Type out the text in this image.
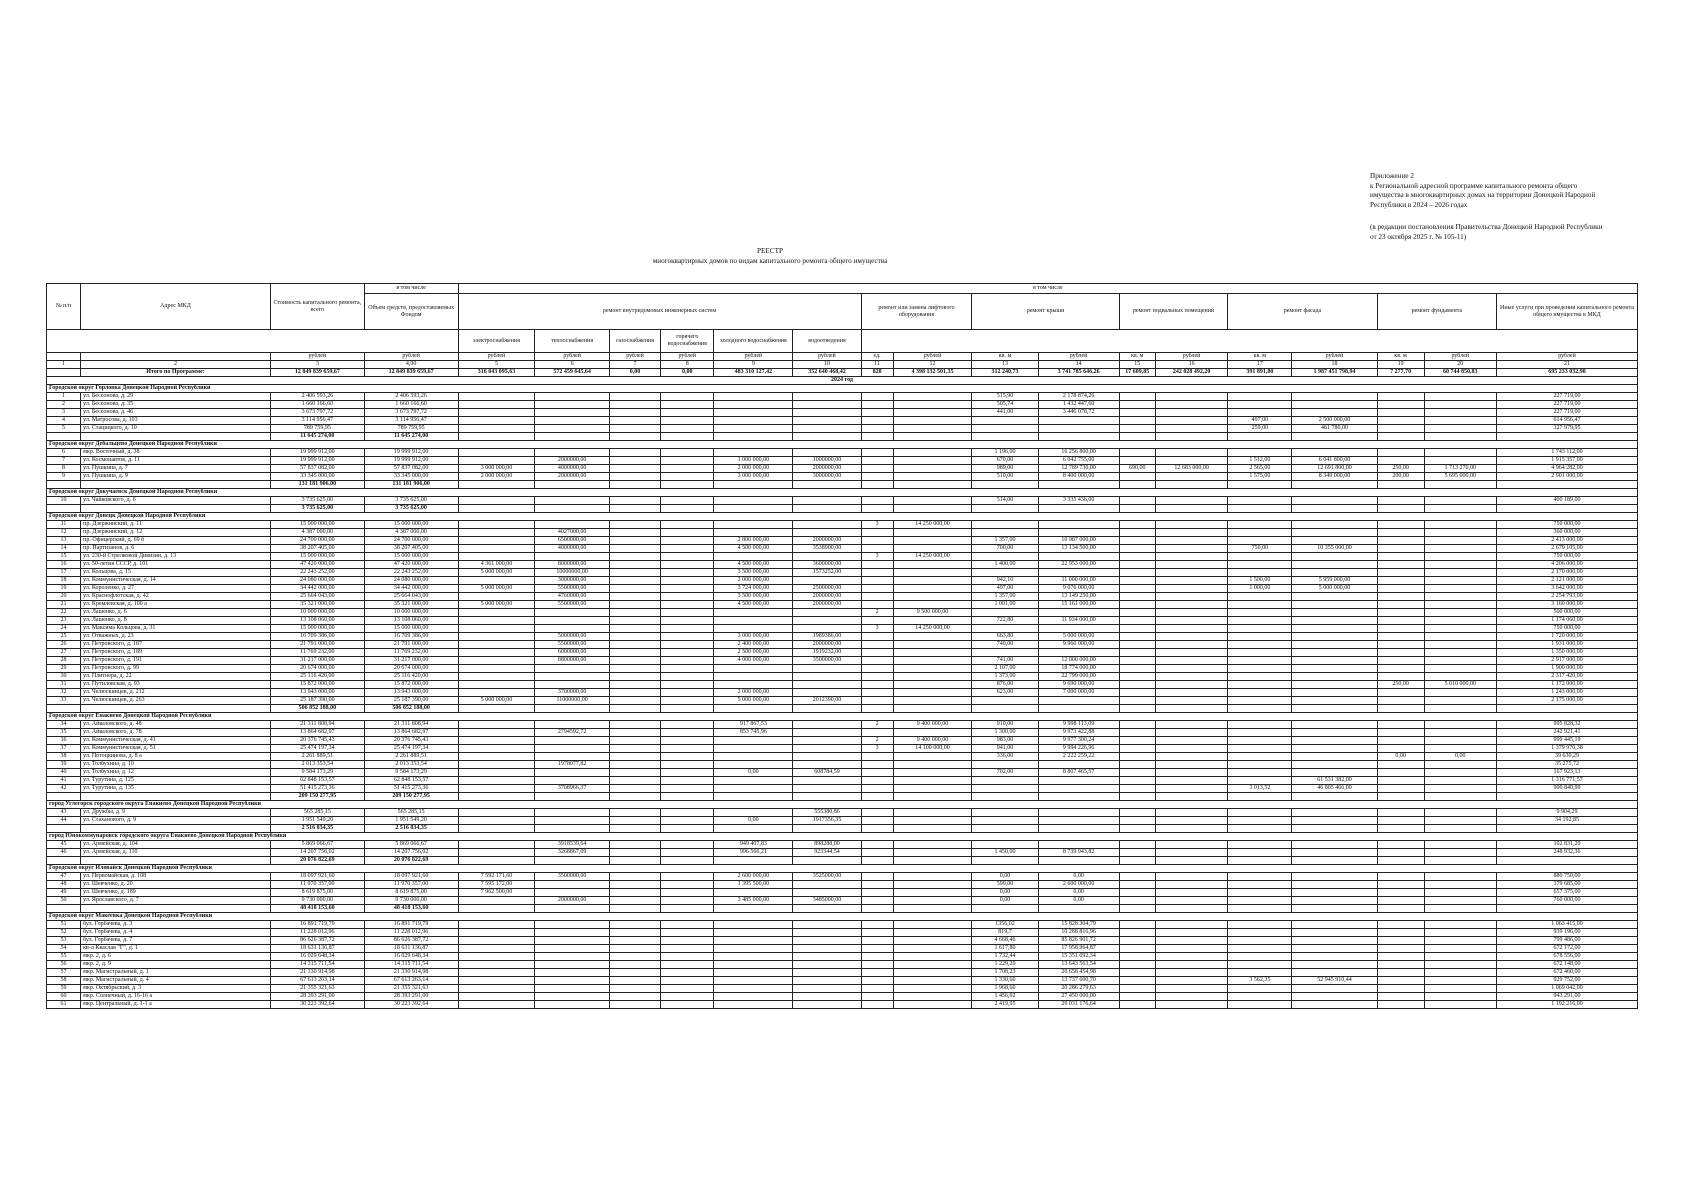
Приложение 2

к Региональной адресной программе капитального ремонта общего

имущества в многоквартирных домах на территории Донецкой Народной

Республики в 2024 – 2026 годах

(в редакции постановления Правительства Донецкой Народной Республики

от 23 октября 2025 г. № 105-11)

РЕЕСТР
многоквартирных домов по видам капитального ремонта общего имущества
№ п/п	Адрес МКД	Стоимость капитального ремонта, всего	в том числе	в том числе																
			Объем средств, предоставляемых Фондом	ремонт внутридомовых инженерных систем						ремонт или замена лифтового оборудования		ремонт крыши		ремонт подвальных помещений		ремонт фасада		ремонт фундамента		Иные услуги при проведении капитального ремонта общего имущества в МКД
				электроснабжения	теплоснабжения	газоснабжения	горячего водоснабжения	холодного водоснабжения	водоотведения											
		рублей	рублей	рублей	рублей	рублей	рублей	рублей	рублей	ед.	рублей	кв. м	рублей	кв. м	рублей	кв. м	рублей	кв. м	рублей	рублей
1	2	3	4,00	5	6	7	8	9	10	11	12	13	14	15	16	17	18	19	20	21
	Итого по Программе:	12 849 839 659,67	12 849 839 659,67	316 043 095,63	572 459 645,64	0,00	0,00	483 310 127,42	352 640 468,42	828	4 398 132 501,35	312 240,73	3 741 785 646,26	17 609,85	242 028 492,20	391 891,80	1 987 451 798,94	7 277,70	60 744 850,83	695 233 032,98
2024 год																				
Городской округ Горловка Донецкой Народной Республики																				
1	ул. Бессонова, д. 29	2 406 593,26	2 406 593,26									515,90	2 178 874,26							227 719,00
2	ул. Бессонова, д. 35	1 660 166,60	1 660 166,60									505,74	1 432 447,60							227 719,00
3	ул. Бессонова, д. 46	3 673 797,72	3 673 797,72									441,00	3 446 078,72							227 719,00
4	ул. Матросова, д. 103	3 114 956,47	3 114 956,47													497,00	2 500 000,00			614 956,47
5	ул. Стацицкого, д. 10	789 759,95	789 759,95													259,00	461 780,00			327 979,95
		11 645 274,00	11 645 274,00																	
Городской округ Дебальцево Донецкой Народной Республики																				
6	мкр. Восточный, д. 38	19 999 912,00	19 999 912,00									1 196,00	16 256 800,00							1 743 112,00
7	ул. Космонавтов, д. 11	19 999 912,00	19 999 912,00		2000000,00			1 000 000,00	1000000,00			670,00	6 042 755,00			1 512,00	6 041 800,00			1 915 357,00
8	ул. Пушкина, д. 7	57 837 082,00	57 837 082,00	3 000 000,00	4000000,00			2 000 000,00	2000000,00			989,00	12 789 730,00	690,00	12 683 000,00	2 565,00	12 691 800,00	250,00	1 713 270,00	4 964 282,00
9	ул. Пушкина, д. 9	33 345 000,00	33 345 000,00	2 000 000,00	2000000,00			3 000 000,00	3000000,00			510,00	8 400 000,00			1 575,00	8 349 000,00	200,00	5 695 000,00	2 901 000,00
		131 181 906,00	131 181 906,00																	
Городской округ Докучаевск Донецкой Народной Республики																				
10	ул. Чайковского, д. 6	3 735 625,00	3 735 625,00									514,00	3 335 436,00							400 189,00
		3 735 625,00	3 735 625,00																	
Городской округ Донецк Донецкой Народной Республики																				
11	пр. Дзержинский, д. 11	15 000 000,00	15 000 000,00							3	14 250 000,00									750 000,00
12	пр. Дзержинский, д. 12	4 387 000,00	4 387 000,00		4027000,00															360 000,00
13	пр. Офицерский, д. 69 б	24 700 000,00	24 700 000,00		6500000,00			2 800 000,00	2000000,00			1 357,00	10 987 000,00							2 413 000,00
14	пр. Партизанов, д. 6	38 207 405,00	38 207 405,00		4000000,00			4 500 000,00	3538900,00			700,00	13 134 500,00			750,00	10 355 000,00			2 679 105,00
15	ул. 230-й Стрелковой Дивизии, д. 13	15 000 000,00	15 000 000,00							3	14 250 000,00									750 000,00
16	ул. 50-летия СССР, д. 101	47 420 000,00	47 420 000,00	4 361 000,00	8000000,00			4 500 000,00	3600000,00			1 400,00	22 953 000,00							4 206 000,00
17	ул. Кольцова, д. 15	22 243 252,00	22 243 252,00	5 000 000,00	10000000,00			3 500 000,00	1573252,00											2 170 000,00
18	ул. Коммунистическая, д. 14	24 080 000,00	24 080 000,00		3000000,00			2 000 000,00				942,10	11 000 000,00			1 500,00	5 959 000,00			2 121 000,00
19	ул. Короленко, д. 27	34 442 000,00	34 442 000,00	5 000 000,00	5500000,00			3 724 000,00	2500000,00			497,00	9 076 000,00			1 000,00	5 000 000,00			3 642 000,00
20	ул. Краснофлотская, д. 42	25 664 043,00	25 664 043,00		4760000,00			3 500 000,00	2000000,00			1 357,00	13 149 250,00							2 254 793,00
21	ул. Кремлевская, д. 100 а	35 321 000,00	35 321 000,00	5 000 000,00	5500000,00			4 500 000,00	2000000,00			1 001,00	15 161 000,00							3 160 000,00
22	ул. Лашенко, д. 6	10 000 000,00	10 000 000,00							2	9 500 000,00									500 000,00
23	ул. Лашенко, д. 8	13 108 060,00	13 108 060,00									722,80	11 934 000,00							1 174 060,00
24	ул. Максима Кольцова, д. 31	15 000 000,00	15 000 000,00							3	14 250 000,00									750 000,00
25	ул. Отважных, д. 23	16 709 386,00	16 709 386,00		5000000,00			3 000 000,00	1989386,00			663,80	5 000 000,00							1 720 000,00
26	ул. Петровского, д. 187	21 791 000,00	21 791 000,00		5500000,00			2 400 000,00	2000000,00			740,00	9 960 000,00							1 931 000,00
27	ул. Петровского, д. 189	11 769 232,00	11 769 232,00		6000000,00			2 500 000,00	1919232,00											1 350 000,00
28	ул. Петровского, д. 191	31 217 000,00	31 217 000,00		8800000,00			4 000 000,00	3500000,00			741,00	12 000 000,00							2 917 000,00
29	ул. Петровского, д. 99	20 674 000,00	20 674 000,00									2 107,00	18 774 000,00							1 900 000,00
30	ул. Плитнера, д. 22	25 116 420,00	25 116 420,00									1 373,00	22 799 000,00							2 317 420,00
31	ул. Путиловская, д. 93	15 872 000,00	15 872 000,00									876,00	9 690 000,00					250,00	5 010 000,00	1 172 000,00
32	ул. Челюскинцев, д. 212	13 943 000,00	13 943 000,00		3700000,00			2 000 000,00				623,00	7 000 000,00							1 243 000,00
33	ул. Челюскинцев, д. 263	25 187 390,00	25 187 390,00	5 000 000,00	11000000,00			5 000 000,00	2012390,00											2 175 000,00
		506 852 188,00	506 852 188,00																	
Городской округ Енакиево Донецкой Народной Республики																				
34	ул. Айвазовского, д. 48	21 311 808,94	21 311 808,94					917 867,53		2	9 400 000,00	910,00	9 998 113,09							995 828,32
35	ул. Айвазовского, д. 78	13 864 682,97	13 864 682,97		2794592,72			853 745,96				1 300,00	9 973 422,88							242 921,41
36	ул. Коммунистическая, д. 41	20 376 745,43	20 376 745,43							2	9 400 000,00	983,00	9 977 300,24							999 445,19
37	ул. Коммунистическая, д. 51	25 474 197,34	25 474 197,34							3	14 100 000,00	941,00	9 994 226,96							1 379 970,38
38	ул. Потоцкинова, д. 8 а	2 261 889,51	2 261 889,51									336,00	2 222 259,22					0,00	0,00	39 630,29
39	ул. Толбухина, д. 10	2 013 353,54	2 013 353,54		1978077,82															35 275,72
40	ул. Толбухина, д. 12	9 584 173,29	9 584 173,29					0,00	608784,59			702,00	8 807 465,57							167 923,13
41	ул. Турутина, д. 125	62 848 153,57	62 848 153,57														61 531 382,00			1 316 771,57
42	ул. Турутина, д. 135	51 415 273,36	51 415 273,36		3708966,37											3 013,52	46 805 466,00			900 840,99
		209 150 277,95	209 150 277,95																	
город Углегорск городского округа Енакиево Донецкой Народной Республики																				
43	ул. Дружбы, д. 9	565 285,15	565 285,15						555380,86											9 904,29
44	ул. Стаханового, д. 9	1 951 549,20	1 951 549,20					0,00	1917356,35											34 192,85
		2 516 834,35	2 516 834,35																	
город Юнокоммунаровск городского округа Енакиево Донецкой Народной Республики																				
45	ул. Армейская, д. 104	5 869 066,67	5 869 066,67		3918539,64			949 407,83	898288,00											102 831,20
46	ул. Армейская, д. 110	14 207 756,02	14 207 756,02		3268867,09			996 566,21	923344,54			1 450,00	8 739 943,82							248 932,36
		20 076 822,69	20 076 822,69																	
Городской округ Иловайск Донецкой Народной Республики																				
47	ул. Первомайская, д. 108	18 097 921,60	18 097 921,60	7 592 171,60	3500000,00			2 600 000,00	3525000,00			0,00	0,00							880 750,00
48	ул. Шевченко, д. 20	11 970 357,00	11 970 357,00	7 595 172,00				1 395 500,00				599,00	2 600 000,00							379 685,00
49	ул. Шевченко, д. 189	8 619 875,00	8 619 875,00	7 962 500,00								0,00	0,00							657 375,00
50	ул. Ярославского, д. 7	9 730 000,00	9 730 000,00		2000000,00			3 485 000,00	3485000,00			0,00	0,00							760 000,00
		48 418 153,60	48 418 153,60																	
Городской округ Макеевка Донецкой Народной Республики																				
51	бул. Горбачева, д. 3	16 891 719,79	16 891 719,79									1356,02	15 828 304,79							1 063 415,00
52	бул. Горбачева, д. 4	11 228 012,96	11 228 012,96									819,7	10 288 816,96							939 196,00
53	бул. Горбачева, д. 7	86 626 387,72	86 626 387,72									4 668,46	85 826 901,72							799 486,00
54	кв-л Кваслав "Г", д. 1	18 631 136,87	18 631 136,87									1 617,80	17 958 964,87							672 172,00
55	мкр. 2, д. 6	16 029 648,34	16 029 648,34									1 732,44	15 351 092,34							678 556,00
56	мкр. 2, д. 9	14 315 711,54	14 315 711,54									1 229,20	13 643 563,54							672 148,00
57	мкр. Магистральный, д. 1	21 330 914,98	21 330 914,98									1 708,23	20 658 454,98							672 460,00
58	мкр. Магистральный, д. 4	67 613 263,14	67 613 263,14									1 330,60	13 737 600,70			3 562,35	52 945 910,44			929 752,00
59	мкр. Октябрьский, д. 3	21 355 321,63	21 355 321,63									1 968,60	20 286 279,63							1 069 042,00
60	мкр. Солнечный, д. 16-16 а	28 393 291,00	28 393 291,00									1 456,92	27 450 000,00							943 291,00
61	мкр. Центральный, д. 1-1 а	30 223 392,64	30 223 392,64									2 419,95	29 031 176,64							1 192 216,00
